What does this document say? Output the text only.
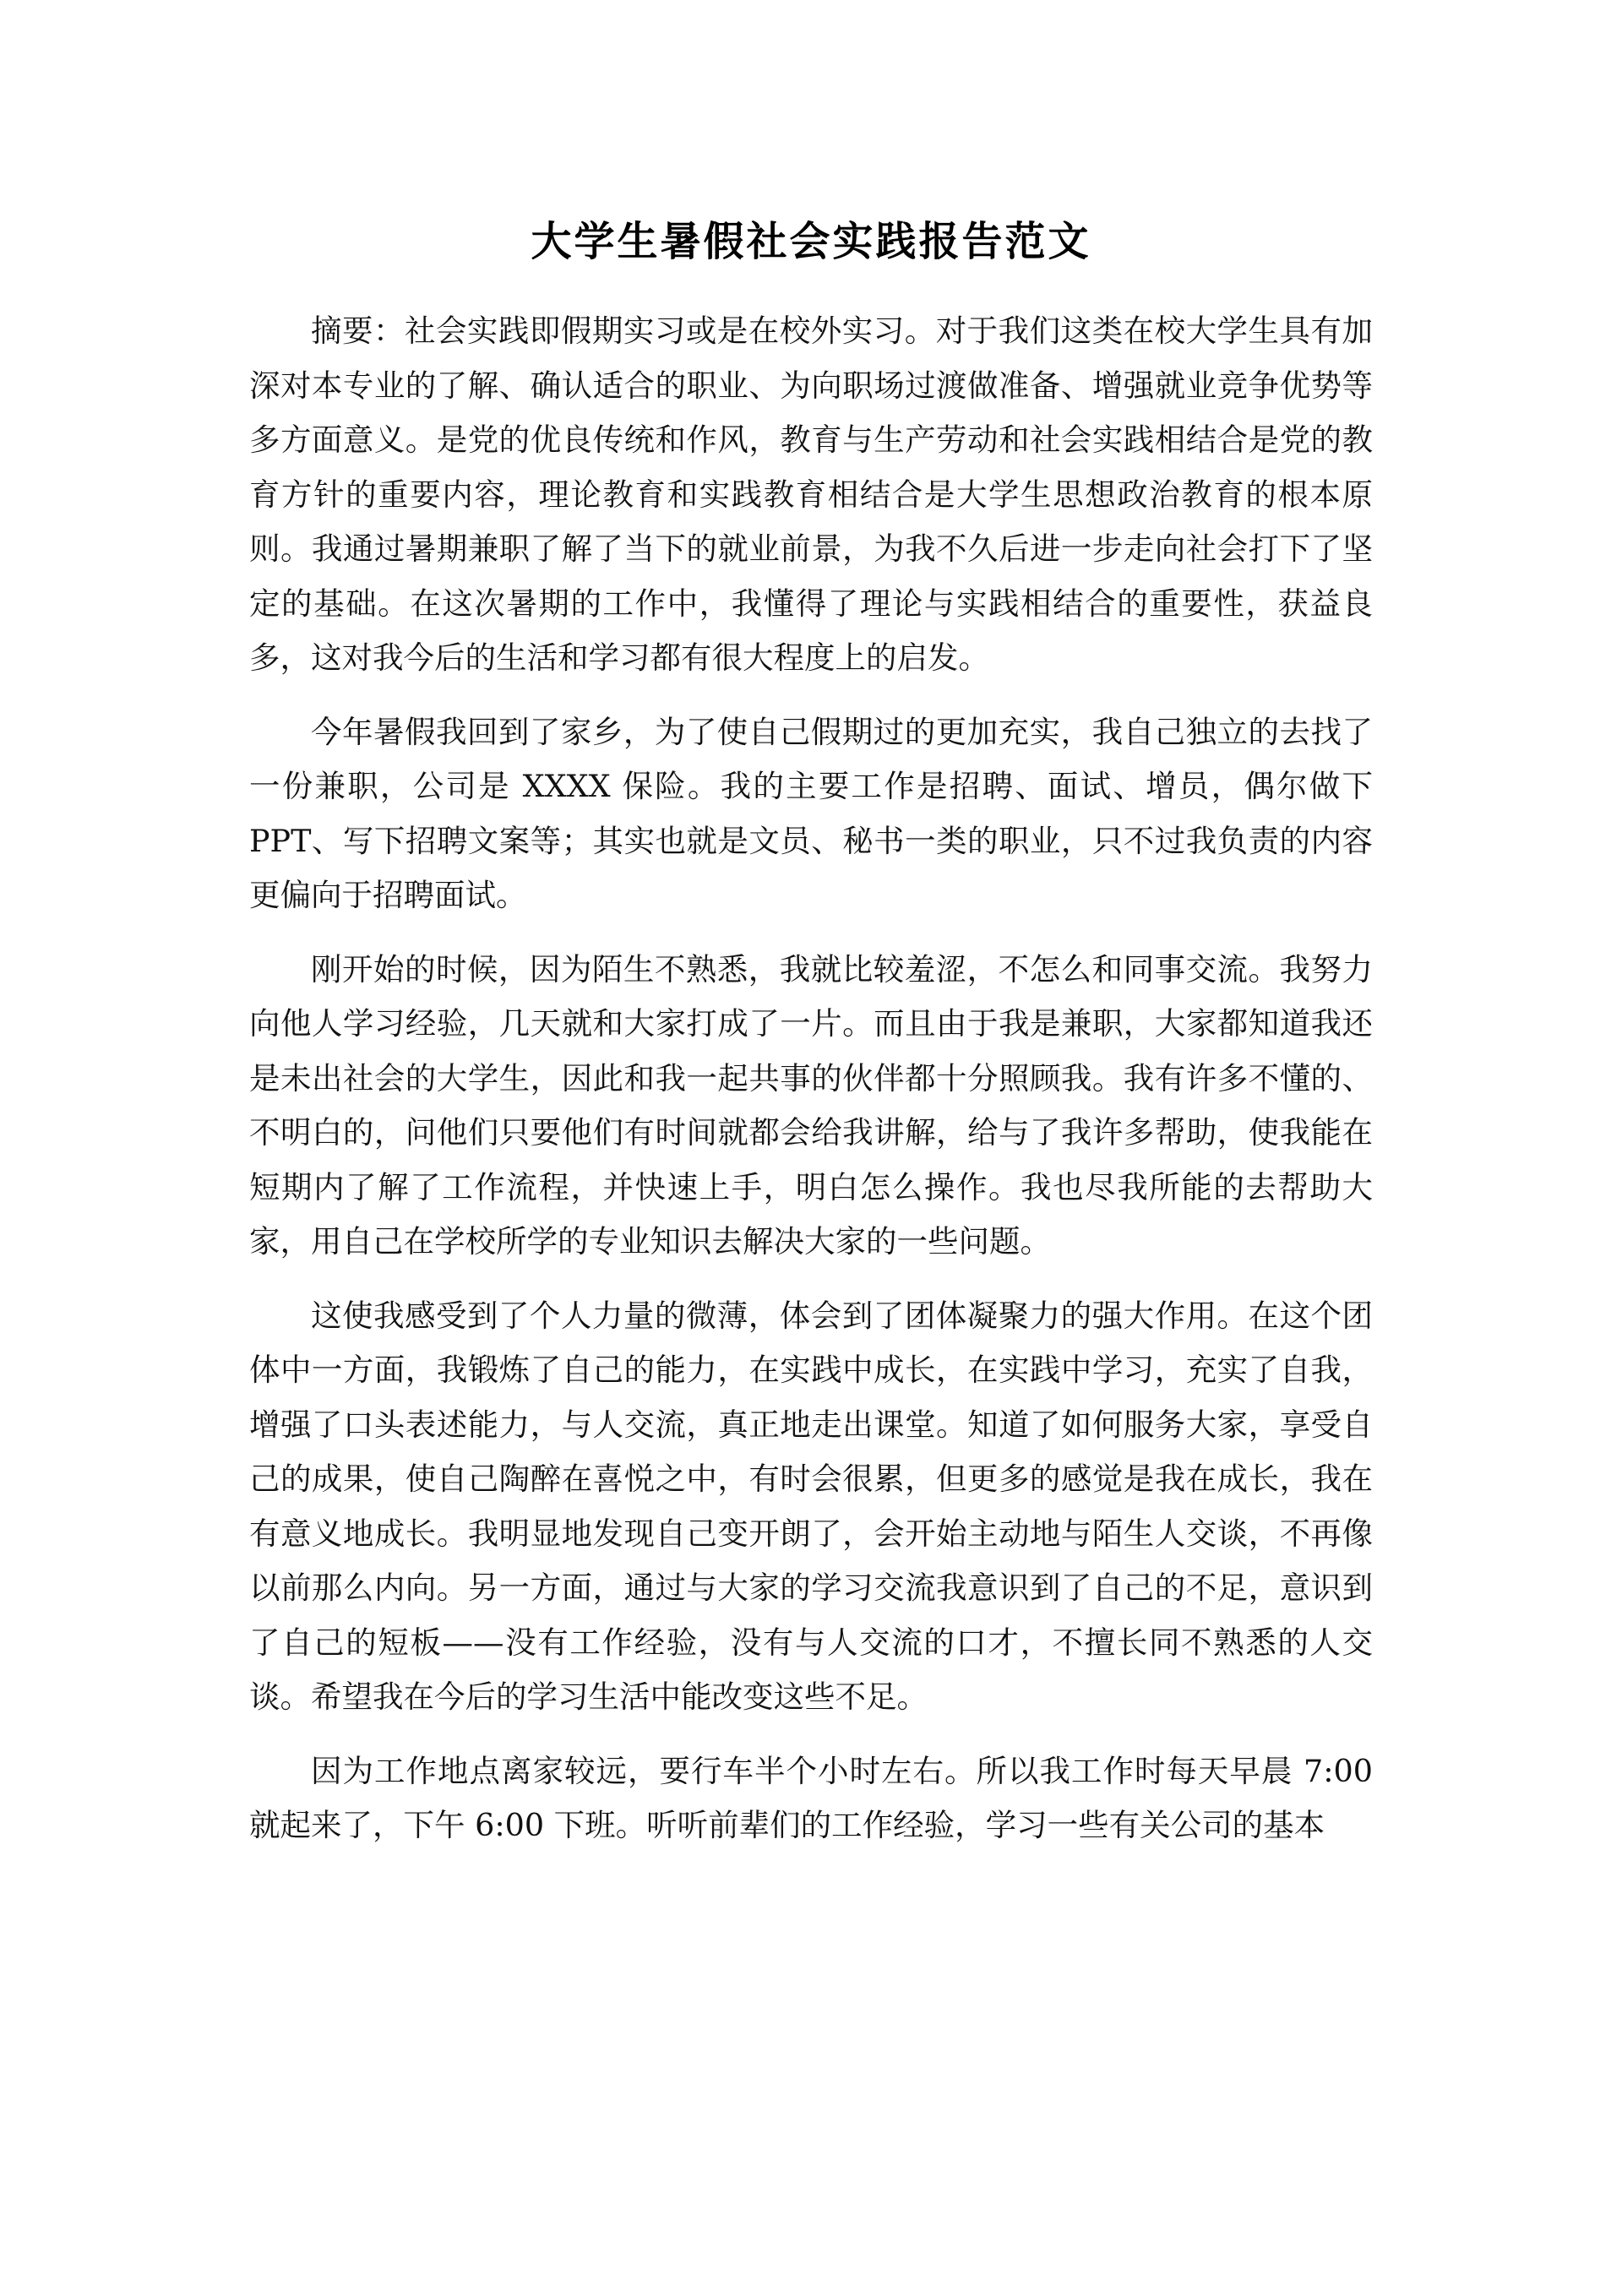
大学生暑假社会实践报告范文

摘要：社会实践即假期实习或是在校外实习。对于我们这类在校大学生具有加深对本专业的了解、确认适合的职业、为向职场过渡做准备、增强就业竞争优势等多方面意义。是党的优良传统和作风，教育与生产劳动和社会实践相结合是党的教育方针的重要内容，理论教育和实践教育相结合是大学生思想政治教育的根本原则。我通过暑期兼职了解了当下的就业前景，为我不久后进一步走向社会打下了坚定的基础。在这次暑期的工作中，我懂得了理论与实践相结合的重要性，获益良多，这对我今后的生活和学习都有很大程度上的启发。

今年暑假我回到了家乡，为了使自己假期过的更加充实，我自己独立的去找了一份兼职，公司是 XXXX 保险。我的主要工作是招聘、面试、增员，偶尔做下 PPT、写下招聘文案等；其实也就是文员、秘书一类的职业，只不过我负责的内容更偏向于招聘面试。

刚开始的时候，因为陌生不熟悉，我就比较羞涩，不怎么和同事交流。我努力向他人学习经验，几天就和大家打成了一片。而且由于我是兼职，大家都知道我还是未出社会的大学生，因此和我一起共事的伙伴都十分照顾我。我有许多不懂的、不明白的，问他们只要他们有时间就都会给我讲解，给与了我许多帮助，使我能在短期内了解了工作流程，并快速上手，明白怎么操作。我也尽我所能的去帮助大家，用自己在学校所学的专业知识去解决大家的一些问题。

这使我感受到了个人力量的微薄，体会到了团体凝聚力的强大作用。在这个团体中一方面，我锻炼了自己的能力，在实践中成长，在实践中学习，充实了自我，增强了口头表述能力，与人交流，真正地走出课堂。知道了如何服务大家，享受自己的成果，使自己陶醉在喜悦之中，有时会很累，但更多的感觉是我在成长，我在有意义地成长。我明显地发现自己变开朗了，会开始主动地与陌生人交谈，不再像以前那么内向。另一方面，通过与大家的学习交流我意识到了自己的不足，意识到了自己的短板——没有工作经验，没有与人交流的口才，不擅长同不熟悉的人交谈。希望我在今后的学习生活中能改变这些不足。

因为工作地点离家较远，要行车半个小时左右。所以我工作时每天早晨 7:00 就起来了，下午 6:00 下班。听听前辈们的工作经验，学习一些有关公司的基本
